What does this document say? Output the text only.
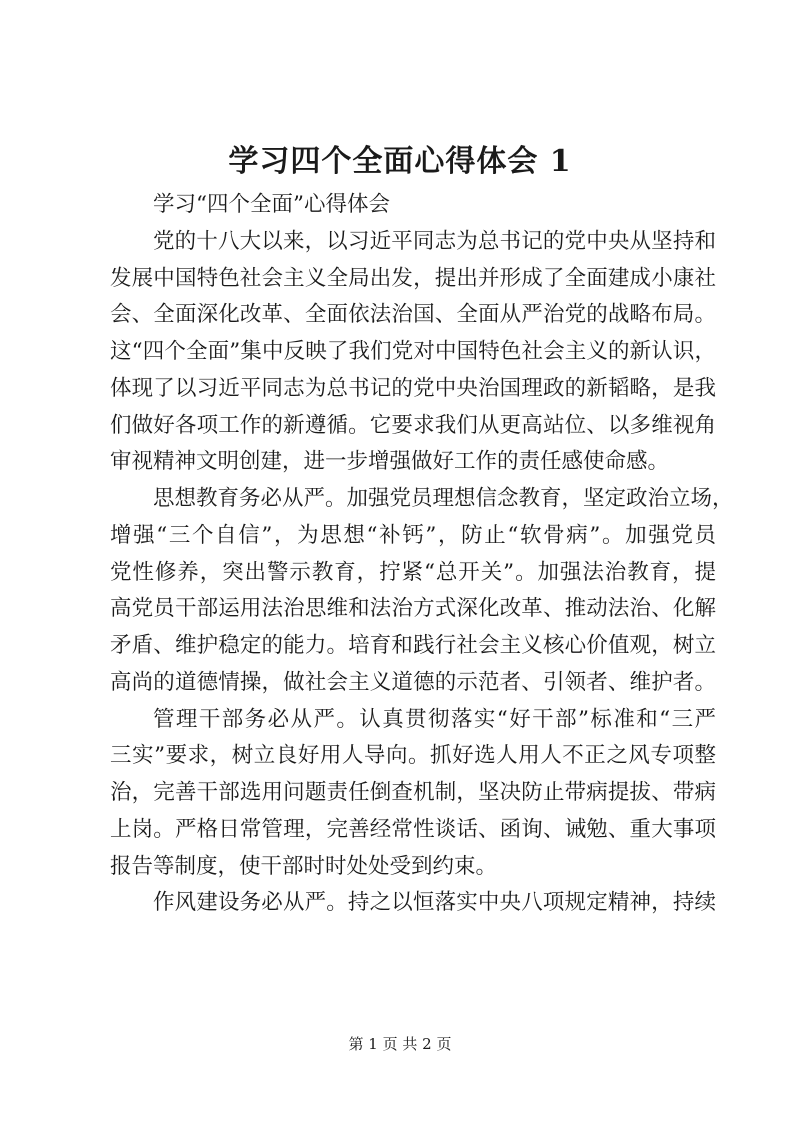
学习四个全面心得体会 1
学习“四个全面”心得体会
党的十八大以来，以习近平同志为总书记的党中央从坚持和
发展中国特色社会主义全局出发，提出并形成了全面建成小康社
会、全面深化改革、全面依法治国、全面从严治党的战略布局。
这“四个全面”集中反映了我们党对中国特色社会主义的新认识，
体现了以习近平同志为总书记的党中央治国理政的新韬略，是我
们做好各项工作的新遵循。它要求我们从更高站位、以多维视角
审视精神文明创建，进一步增强做好工作的责任感使命感。
思想教育务必从严。加强党员理想信念教育，坚定政治立场，
增强“三个自信”，为思想“补钙”，防止“软骨病”。加强党员
党性修养，突出警示教育，拧紧“总开关”。加强法治教育，提
高党员干部运用法治思维和法治方式深化改革、推动法治、化解
矛盾、维护稳定的能力。培育和践行社会主义核心价值观，树立
高尚的道德情操，做社会主义道德的示范者、引领者、维护者。
管理干部务必从严。认真贯彻落实“好干部”标准和“三严
三实”要求，树立良好用人导向。抓好选人用人不正之风专项整
治，完善干部选用问题责任倒查机制，坚决防止带病提拔、带病
上岗。严格日常管理，完善经常性谈话、函询、诫勉、重大事项
报告等制度，使干部时时处处受到约束。
作风建设务必从严。持之以恒落实中央八项规定精神，持续
第 1 页 共 2 页
